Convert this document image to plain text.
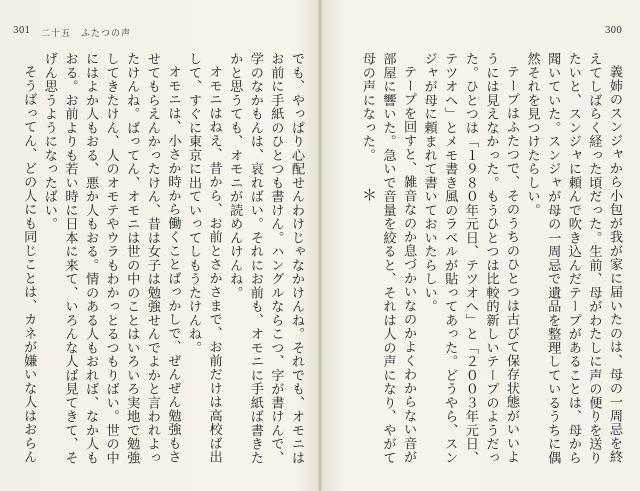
301 二十五　ふたつの声	300

義姉のスンジャから小包が我が家に届いたのは、母の一周忌を終えてしばらく経った頃だった。生前、母がわたしに声の便りを送りたいと、スンジャに頼んで吹き込んだテープがあることは、母から聞いていた。スンジャが母の一周忌で遺品を整理しているうちに偶然それを見つけたらしい。

テープはふたつで、そのうちのひとつは古びて保存状態がいいようには見えなかった。もうひとつは比較的新しいテープのようだった。ひとつは「１９８０年元日、テツオへ」と「２００３年元日、テツオへ」とメモ書き風のラベルが貼ってあった。どうやら、スンジャが母に頼まれて書いておいたらしい。

テープを回すと、雑音なのか息づかいなのかよくわからない音が部屋に響いた。急いで音量を絞ると、それは人の声になり、やがて母の声になった。

＊

でも、やっぱり心配せんわけじゃなかけんね。それでも、オモニはお前に手紙のひとつも書けん。ハングルならこつ、字が書けんで、学のなかもんは、哀ればい。それにお前も、オモニに手紙ば書きたかと思うても、オモニが読めんけんね。

オモニはねえ、昔から、お前とさかさまで、お前だけは高校ば出して、すぐに東京に出ていってしもうたけんね。

オモニは、小さか時から働くことばっかしで、ぜんぜん勉強もさせてもらえんかったけん、昔は女子は勉強せんでよかと言われよったけんね。ばってん、オモニは世の中のことはいろいろ実地で勉強してきたけん、人のオモテやウラもわかっとるつもりばい。世の中にはよか人もおる、悪か人もおる。情のある人もおれば、なか人もおる。お前よりも若い時に日本に来て、いろんな人ば見てきて、そげん思うようになったばい。

そうばってん、どの人にも同じことは、カネが嫌いな人はおらん
